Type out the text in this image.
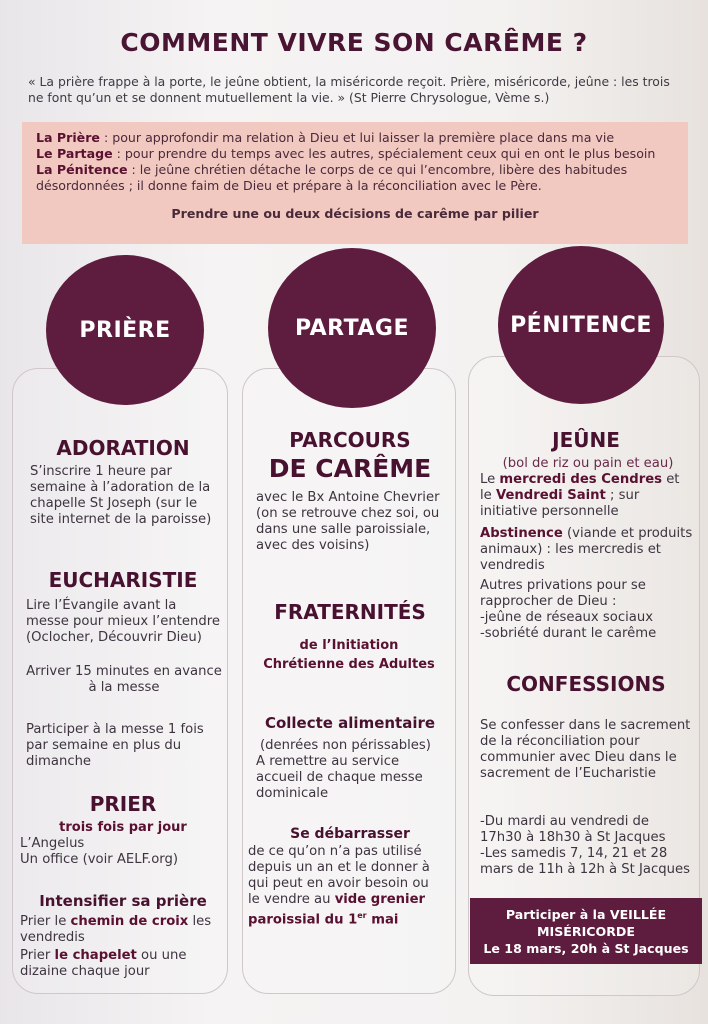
COMMENT VIVRE SON CARÊME ?
« La prière frappe à la porte, le jeûne obtient, la miséricorde reçoit. Prière, miséricorde, jeûne : les trois ne font qu’un et se donnent mutuellement la vie. » (St Pierre Chrysologue, Vème s.)
La Prière : pour approfondir ma relation à Dieu et lui laisser la première place dans ma vie
Le Partage : pour prendre du temps avec les autres, spécialement ceux qui en ont le plus besoin
La Pénitence : le jeûne chrétien détache le corps de ce qui l’encombre, libère des habitudes désordonnées ; il donne faim de Dieu et prépare à la réconciliation avec le Père.
Prendre une ou deux décisions de carême par pilier
PRIÈRE	PARTAGE	PÉNITENCE
ADORATION
S’inscrire 1 heure par semaine à l’adoration de la chapelle St Joseph (sur le site internet de la paroisse)
EUCHARISTIE
Lire l’Évangile avant la messe pour mieux l’entendre (Oclocher, Découvrir Dieu)
Arriver 15 minutes en avance à la messe
Participer à la messe 1 fois par semaine en plus du dimanche
PRIER
trois fois par jour
L’Angelus
Un office (voir AELF.org)
Intensifier sa prière
Prier le chemin de croix les vendredis
Prier le chapelet ou une dizaine chaque jour
PARCOURS
DE CARÊME
avec le Bx Antoine Chevrier (on se retrouve chez soi, ou dans une salle paroissiale, avec des voisins)
FRATERNITÉS
de l’Initiation Chrétienne des Adultes
Collecte alimentaire
(denrées non périssables)
A remettre au service accueil de chaque messe dominicale
Se débarrasser
de ce qu’on n’a pas utilisé depuis un an et le donner à qui peut en avoir besoin ou le vendre au vide grenier paroissial du 1er mai
JEÛNE
(bol de riz ou pain et eau)
Le mercredi des Cendres et le Vendredi Saint ; sur initiative personnelle
Abstinence (viande et produits animaux) : les mercredis et vendredis
Autres privations pour se rapprocher de Dieu :
-jeûne de réseaux sociaux
-sobriété durant le carême
CONFESSIONS
Se confesser dans le sacrement de la réconciliation pour communier avec Dieu dans le sacrement de l’Eucharistie
-Du mardi au vendredi de 17h30 à 18h30 à St Jacques
-Les samedis 7, 14, 21 et 28 mars de 11h à 12h à St Jacques
Participer à la VEILLÉE MISÉRICORDE
Le 18 mars, 20h à St Jacques
